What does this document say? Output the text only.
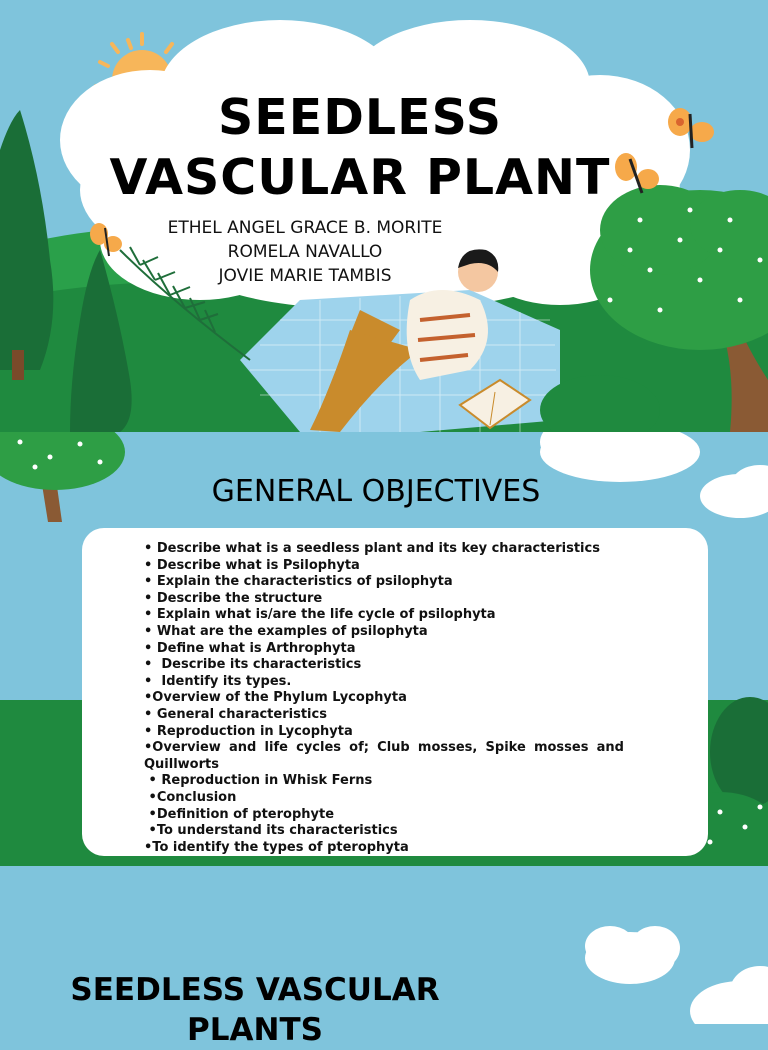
SEEDLESS
VASCULAR PLANT
ETHEL ANGEL GRACE B. MORITE
ROMELA NAVALLO
JOVIE MARIE TAMBIS
GENERAL OBJECTIVES
• Describe what is a seedless plant and its key characteristics
• Describe what is Psilophyta
• Explain the characteristics of psilophyta
• Describe the structure
• Explain what is/are the life cycle of psilophyta
• What are the examples of psilophyta
• Define what is Arthrophyta
•  Describe its characteristics
•  Identify its types.
•Overview of the Phylum Lycophyta
• General characteristics
• Reproduction in Lycophyta
•Overview and life cycles of; Club mosses, Spike mosses and Quillworts
• Reproduction in Whisk Ferns
•Conclusion
•Definition of pterophyte
•To understand its characteristics
•To identify the types of pterophyta
SEEDLESS VASCULAR PLANTS
